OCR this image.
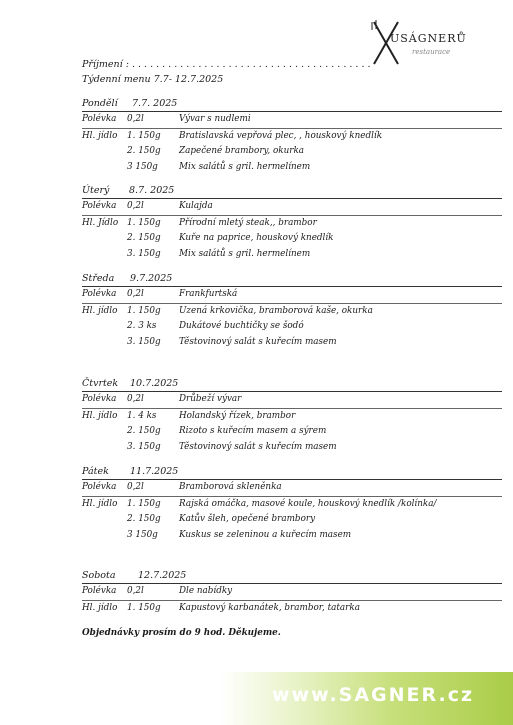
USÁGNERŮ
restaurace
Příjmení : . . . . . . . . . . . . . . . . . . . . . . . . . . . . . . . . . . . . . . . .
Týdenní menu 7.7- 12.7.2025
Pondělí 7.7. 2025
Polévka 0,2l	Vývar s nudlemi
Hl. jídlo 1. 150g Bratislavská vepřová plec, , houskový knedlík
2. 150g Zapečené brambory, okurka
3 150g Mix salátů s gril. hermelínem
Úterý 8.7. 2025
Polévka 0,2l	Kulajda
Hl. Jídlo 1. 150g Přírodní mletý steak,, brambor
2. 150g Kuře na paprice, houskový knedlík
3. 150g Mix salátů s gril. hermelínem
Středa 9.7.2025
Polévka 0,2l	Frankfurtská
Hl. jídlo 1. 150g Uzená krkovička, bramborová kaše, okurka
2. 3 ks	Dukátové buchtičky se šodó
3. 150g Těstovinový salát s kuřecím masem
Čtvrtek 10.7.2025
Polévka 0,2l	Drůbeží vývar
Hl. jídlo 1. 4 ks	Holandský řízek, brambor
2. 150g Rizoto s kuřecím masem a sýrem
3. 150g Těstovinový salát s kuřecím masem
Pátek 11.7.2025
Polévka 0,2l	Bramborová skleněnka
Hl. jídlo 1. 150g Rajská omáčka, masové koule, houskový knedlík /kolínka/
2. 150g Katův šleh, opečené brambory
3 150g Kuskus se zeleninou a kuřecím masem
Sobota 12.7.2025
Polévka 0,2l	Dle nabídky
Hl. jídlo 1. 150g Kapustový karbanátek, brambor, tatarka
Objednávky prosím do 9 hod. Děkujeme.
www.SAGNER.cz
